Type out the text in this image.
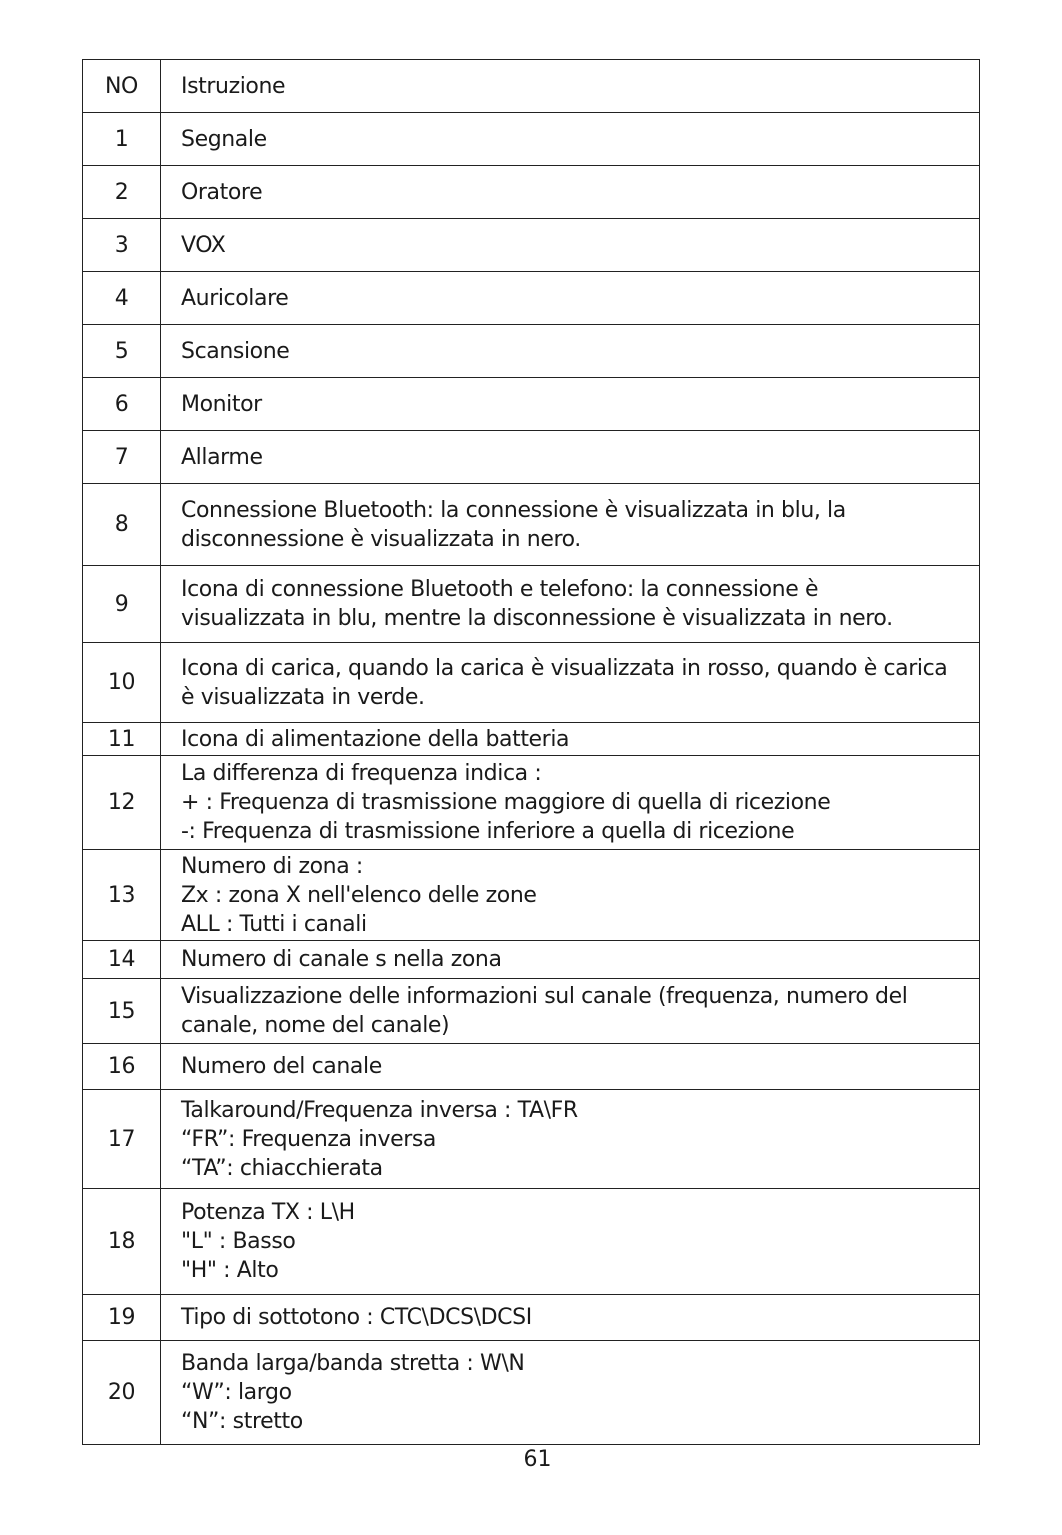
NO	Istruzione
1	Segnale

2	Oratore

3	VOX

4	Auricolare

5	Scansione

6	Monitor

7	Allarme

8	Connessione Bluetooth: la connessione è visualizzata in blu, la
disconnessione è visualizzata in nero.

9	Icona di connessione Bluetooth e telefono: la connessione è
visualizzata in blu, mentre la disconnessione è visualizzata in nero.

10	Icona di carica, quando la carica è visualizzata in rosso, quando è carica
è visualizzata in verde.

11	Icona di alimentazione della batteria

12	La differenza di frequenza indica :
+ : Frequenza di trasmissione maggiore di quella di ricezione
-: Frequenza di trasmissione inferiore a quella di ricezione

13	Numero di zona :
Zx : zona X nell'elenco delle zone
ALL : Tutti i canali

14	Numero di canale s nella zona

15	Visualizzazione delle informazioni sul canale (frequenza, numero del
canale, nome del canale)

16	Numero del canale

17	Talkaround/Frequenza inversa : TA\FR
“FR”: Frequenza inversa
“TA”: chiacchierata

18	Potenza TX : L\H
"L" : Basso
"H" : Alto

19	Tipo di sottotono : CTC\DCS\DCSI

20	Banda larga/banda stretta : W\N
“W”: largo
“N”: stretto
61
